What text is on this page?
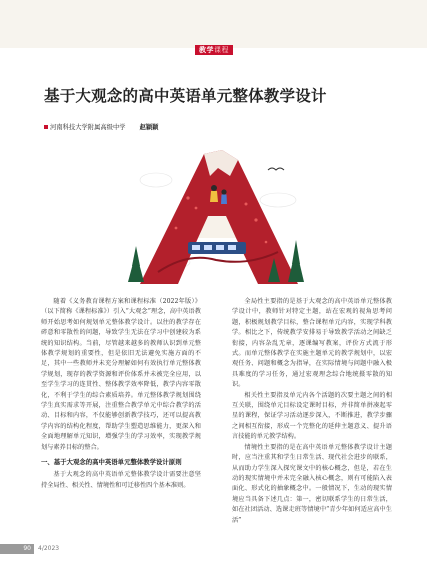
教学课程
基于大观念的高中英语单元整体教学设计
河南科技大学附属高级中学 赵颖颖

随着《义务教育课程方案和课程标准（2022年版）》（以下简称《课程标准》）引入“大观念”理念，高中英语教师开始思考如何规划单元整体教学设计。以往的教学存在碎意和零散性的问题，导致学生无法在学习中创建较为系统的知识结构。当前，尽管越来越多的教师认识到单元整体教学规划的重要性，但是依旧无法避免实施方面的不足，其中一些教师并未充分理解如何有效执行单元整体教学规划，现存的教学资源和评价体系并未被完全应用，以至学生学习的连贯性、整体教学效率降低，教学内容零散化，不利于学生的综合素质培养。单元整体教学规划围绕学生真实需求等开展，注重整合教学单元中综合教学的活动、目标和内容，不仅能够创新教学技巧，还可以提高教学内容的结构化程度，帮助学生塑造思维能力，更深入和全面地理解单元知识，增强学生的学习效率，实现教学规划与素养目标的整合。

一、基于大观念的高中英语单元整体教学设计原则

基于大观念的高中英语单元整体教学设计需要注意坚持全局性、相关性、情境性和可迁移性四个基本准则。

全局性主要指的是基于大观念的高中英语单元整体教学设计中，教师针对特定主题，站在宏观的视角思考问题，积极规划教学目标，整合课程单元内容，实现学科教学。相比之下，传统教学安排易于导致教学活动之间缺乏衔接，内容杂乱无章，逐课编写教案，评价方式流于形式。而单元整体教学在实施主题单元的教学规划中，以宏观任务、问题和概念为指导，在实际情境与问题中融入极具难度的学习任务，通过宏观理念综合地统摄零散的知识。

相关性主要指及单元内各个活题的次要主题之间的相互关联，围绕单元目标设定课时目标，并非简单拼凑起零星的课程，保证学习活动逐步深入，不断推进，教学步骤之间相互衔接，形成一个完整化的延伸主题意义、提升语言技能的单元教学结构。

情境性主要指的是在高中英语单元整体教学设计主题时，应当注重其和学生日常生活、现代社会进步的联系，从而助力学生深入探究课文中的核心概念，但是，若在生动的现实情境中并未完全融入核心概念，则有可能陷入表面化、形式化的抽象概念中。一般情况下，生动的现实情境应当具备下述几点：第一，密切联系学生的日常生活，如在社团活动、选课走班等情境中“青少年如何适应高中生活”

90	4/2023
